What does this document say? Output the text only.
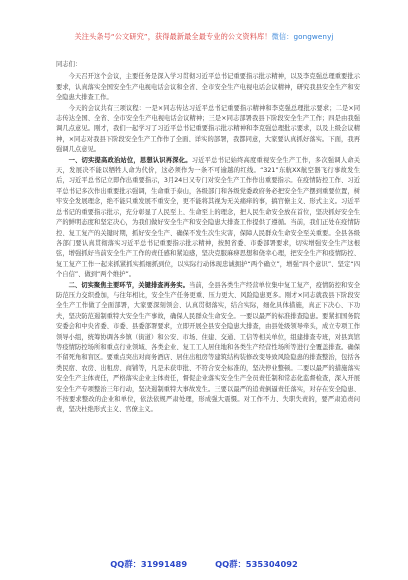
关注头条号“公文研究”，获得最新最全最专业的公文资料库！微信：gongwenyj

同志们：

今天召开这个会议，主要任务是深入学习贯彻习近平总书记重要指示批示精神，以及李克强总理重要批示要求，认真落实全国安全生产电视电话会议和全省、全市安全生产电视电话会议精神，研究我县安全生产和安全隐患大排查工作。

今天的会议共有三项议程：一是×同志传达习近平总书记重要指示精神和李克强总理批示要求；二是×同志传达全国、全省、全市安全生产电视电话会议精神；三是×同志部署我县下阶段安全生产工作；四是由我强调几点意见。刚才，我们一起学习了习近平总书记重要指示批示精神和李克强总理批示要求，以及上级会议精神，×同志对我县下阶段安全生产工作作了全面、详实的部署，我都同意，大家要认真抓好落实。下面，我再强调几点意见。

一、切实提高政治站位，思想认识再深化。习近平总书记始终高度重视安全生产工作，多次强调人命关天，发展决不能以牺牲人命为代价，这必须作为一条不可逾越的红线。“321”东航XX航空器飞行事故发生后，习近平总书记立即作出重要指示，3月24日又专门对安全生产工作作出重要指示。在疫情防控工作、习近平总书记多次作出重要批示强调，生命重于泰山，各级部门和各级党委政府务必把安全生产摆到重要位置，树牢安全发展理念，绝不能只重发展不重安全，更不能将其视为无关痛痒的事，搞官僚主义、形式主义。习近平总书记的重要指示批示，充分彰显了人民至上、生命至上的理念，把人民生命安全放在首位，坚决抓好安全生产的鲜明态度和坚定决心，为我们做好安全生产和安全隐患大排查工作提供了遵循。当前，我们正处在疫情防控、复工复产的关键时期，抓好安全生产、确保不发生次生灾害，保障人民群众生命安全至关重要。全县各级各部门要认真贯彻落实习近平总书记重要指示批示精神，按照省委、市委部署要求，切实增强安全生产这根弦，增强抓好当前安全生产工作的责任感和紧迫感，坚决克服麻痹思想和侥幸心理，把安全生产和疫情防控、复工复产工作一起来抓紧抓实抓细抓到位，以实际行动体现忠诚拥护“两个确立”，增强“四个意识”、坚定“四个自信”、做到“两个维护”。

二、切实聚焦主要环节，关键排查再务实。当前，全县各类生产经营单位集中复工复产，疫情防控和安全防范压力交织叠加，与往年相比，安全生产任务更重、压力更大、风险隐患更多。刚才×同志就我县下阶段安全生产工作做了全面部署，大家要深刻领会、认真贯彻落实，结合实际，细化具体措施，真正下决心、下功夫，坚决防范遏制重特大安全生产事故，确保人民群众生命安全。一要以最严的标准排查隐患。要紧扣国务院安委会和中央省委、市委、县委部署要求，立即开展全县安全隐患大排查，由县处级领导牵头，成立专项工作领导小组，统筹协调各乡镇（街道）和公安、市场、住建、交通、工信等相关单位，组建排查专班，对县宾馆等疫情防控场所和重点行业领域、各类企业、复工工人居住地和各类生产经营性场所等进行全覆盖排查。确保不留死角和盲区。要重点突出对商务酒店、居住出租房等建筑结构装修改变导致风险隐患的排查整治，包括各类民宿、农房、出租房、商铺等，凡是未获审批、不符合安全标准的，坚决停业整顿。二要以最严的措施落实安全生产主体责任，严格落实企业主体责任，督促企业落实安全生产全员责任制和常态化监督检查，深入开展安全生产专项整治三年行动，坚决遏制重特大事故发生。三要以最严的追责倒逼责任落实，对存在安全隐患、不按要求整改的企业和单位，依法依规严肃处理，形成强大震慑。对工作不力、失职失责的，要严肃追责问责，坚决杜绝形式主义、官僚主义。

QQ群：31991489	QQ群：535304092
